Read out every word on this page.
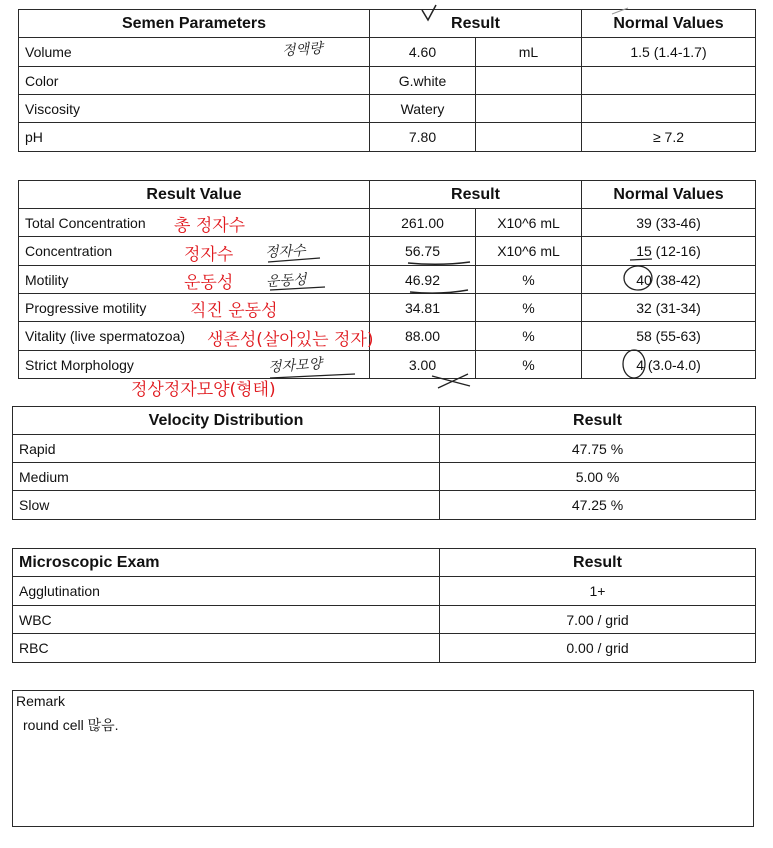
Semen Parameters	Result		Normal Values
Volume	4.60	mL	1.5 (1.4-1.7)
Color	G.white		
Viscosity	Watery		
pH	7.80		≥ 7.2
Result Value	Result		Normal Values
Total Concentration	261.00	X10^6 mL	39 (33-46)
Concentration	56.75	X10^6 mL	15 (12-16)
Motility	46.92	%	40 (38-42)
Progressive motility	34.81	%	32 (31-34)
Vitality (live spermatozoa)	88.00	%	58 (55-63)
Strict Morphology	3.00	%	4 (3.0-4.0)
Velocity Distribution	Result
Rapid	47.75 %
Medium	5.00 %
Slow	47.25 %
Microscopic Exam	Result
Agglutination	1+
WBC	7.00 / grid
RBC	0.00 / grid
Remark
round cell 많음.
총 정자수
정자수
운동성
직진 운동성
생존성(살아있는 정자)
정상정자모양(형태)
정액량
정자수
운동성
정자모양
